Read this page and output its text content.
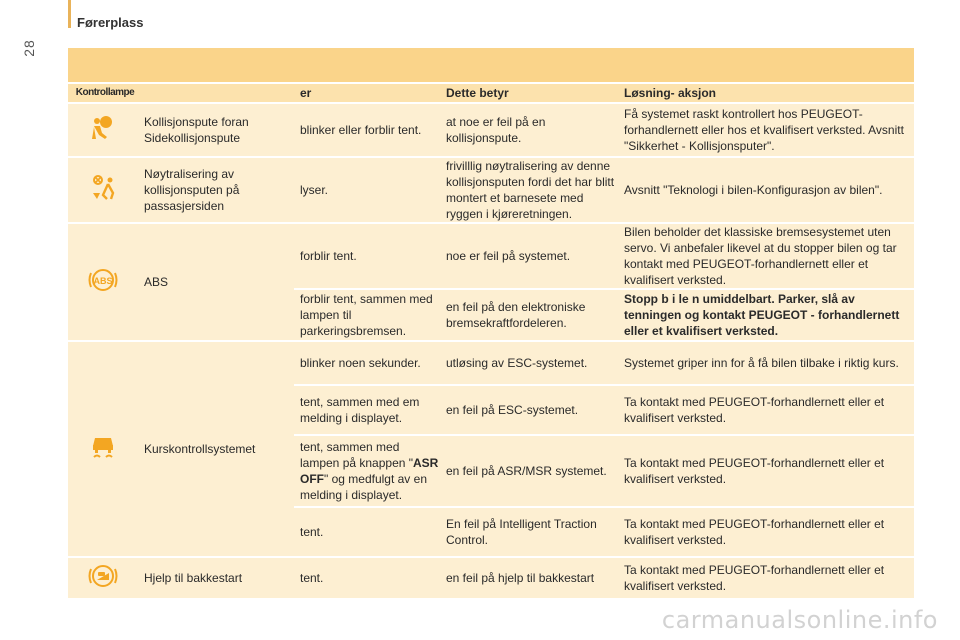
28
Førerplass

Kontrollampe		er	Dette betyr	Løsning- aksjon
	Kollisjonspute foran Sidekollisjonspute	blinker eller forblir tent.	at noe er feil på en kollisjonspute.	Få systemet raskt kontrollert hos PEUGEOT-forhandlernett eller hos et kvalifisert verksted. Avsnitt "Sikkerhet - Kollisjonsputer".
	Nøytralisering av kollisjonsputen på passasjersiden	lyser.	frivilllig nøytralisering av denne kollisjonsputen fordi det har blitt montert et barnesete med ryggen i kjøreretningen.	Avsnitt "Teknologi i bilen-Konfigurasjon av bilen".

ABS	ABS	forblir tent.	noe er feil på systemet.	Bilen beholder det klassiske bremsesystemet uten servo. Vi anbefaler likevel at du stopper bilen og tar kontakt med PEUGEOT-forhandlernett eller et kvalifisert verksted.
		forblir tent, sammen med lampen til parkeringsbremsen.	en feil på den elektroniske bremsekraftfordeleren.	Stopp b i le n umiddelbart. Parker, slå av tenningen og kontakt PEUGEOT - forhandlernett eller et kvalifisert verksted.
	Kurskontrollsystemet	blinker noen sekunder.	utløsing av ESC-systemet.	Systemet griper inn for å få bilen tilbake i riktig kurs.
		tent, sammen med em melding i displayet.	en feil på ESC-systemet.	Ta kontakt med PEUGEOT-forhandlernett eller et kvalifisert verksted.
		tent, sammen med lampen på knappen "ASR OFF" og medfulgt av en melding i displayet.	en feil på ASR/MSR systemet.	Ta kontakt med PEUGEOT-forhandlernett eller et kvalifisert verksted.
		tent.	En feil på Intelligent Traction Control.	Ta kontakt med PEUGEOT-forhandlernett eller et kvalifisert verksted.
	Hjelp til bakkestart	tent.	en feil på hjelp til bakkestart	Ta kontakt med PEUGEOT-forhandlernett eller et kvalifisert verksted.
carmanualsonline.info
